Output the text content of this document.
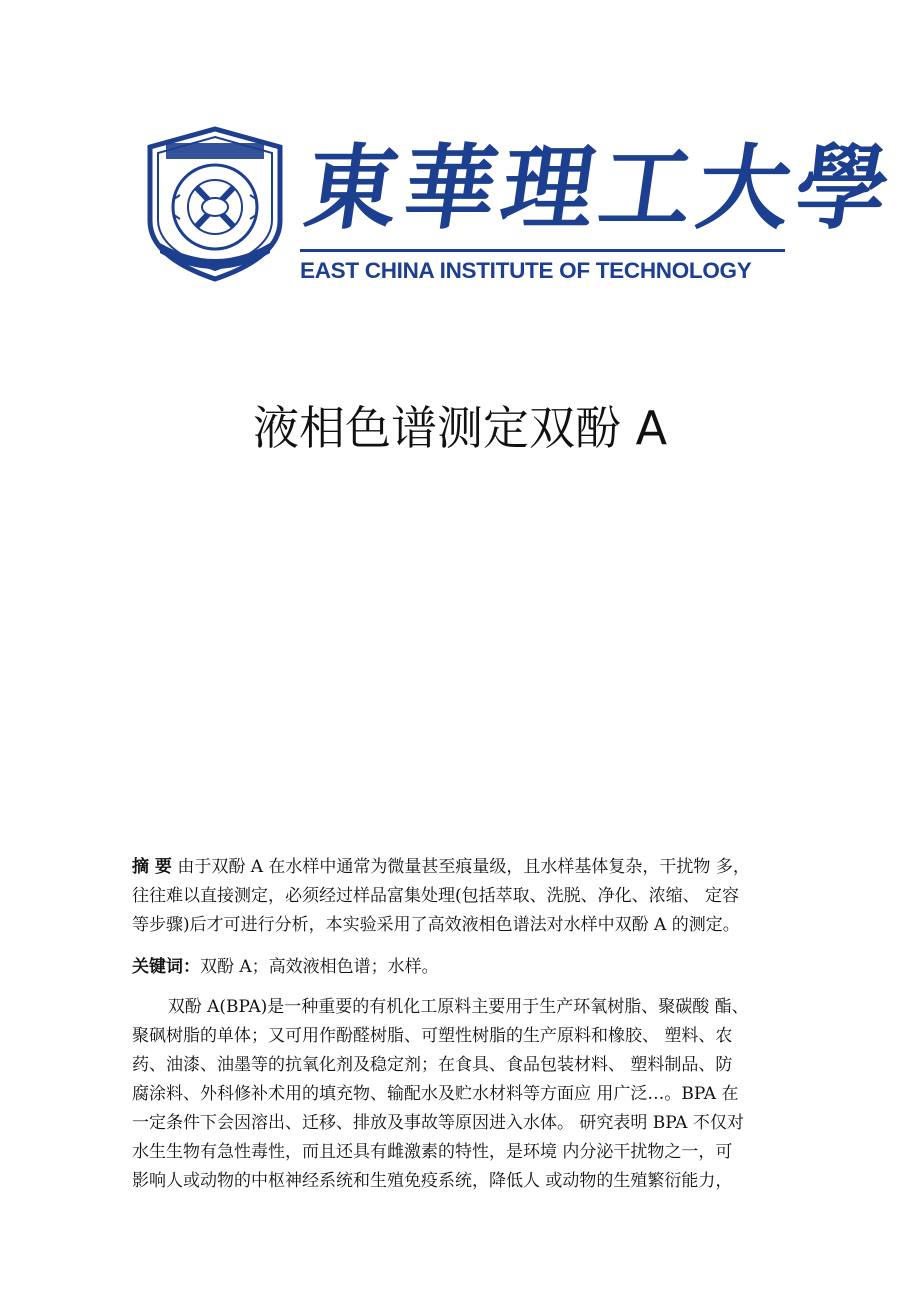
東華理工大學
EAST CHINA INSTITUTE OF TECHNOLOGY
液相色谱测定双酚 A
摘 要 由于双酚 A 在水样中通常为微量甚至痕量级，且水样基体复杂，干扰物 多，
往往难以直接测定，必须经过样品富集处理(包括萃取、洗脱、净化、浓缩、 定容
等步骤)后才可进行分析，本实验采用了高效液相色谱法对水样中双酚 A 的测定。
关键词：双酚 A；高效液相色谱；水样。
双酚 A(BPA)是一种重要的有机化工原料主要用于生产环氧树脂、聚碳酸 酯、
聚砜树脂的单体；又可用作酚醛树脂、可塑性树脂的生产原料和橡胶、 塑料、农
药、油漆、油墨等的抗氧化剂及稳定剂；在食具、食品包装材料、 塑料制品、防
腐涂料、外科修补术用的填充物、输配水及贮水材料等方面应 用广泛…。BPA 在
一定条件下会因溶出、迁移、排放及事故等原因进入水体。 研究表明 BPA 不仅对
水生生物有急性毒性，而且还具有雌激素的特性，是环境 内分泌干扰物之一，可
影响人或动物的中枢神经系统和生殖免疫系统，降低人 或动物的生殖繁衍能力，
